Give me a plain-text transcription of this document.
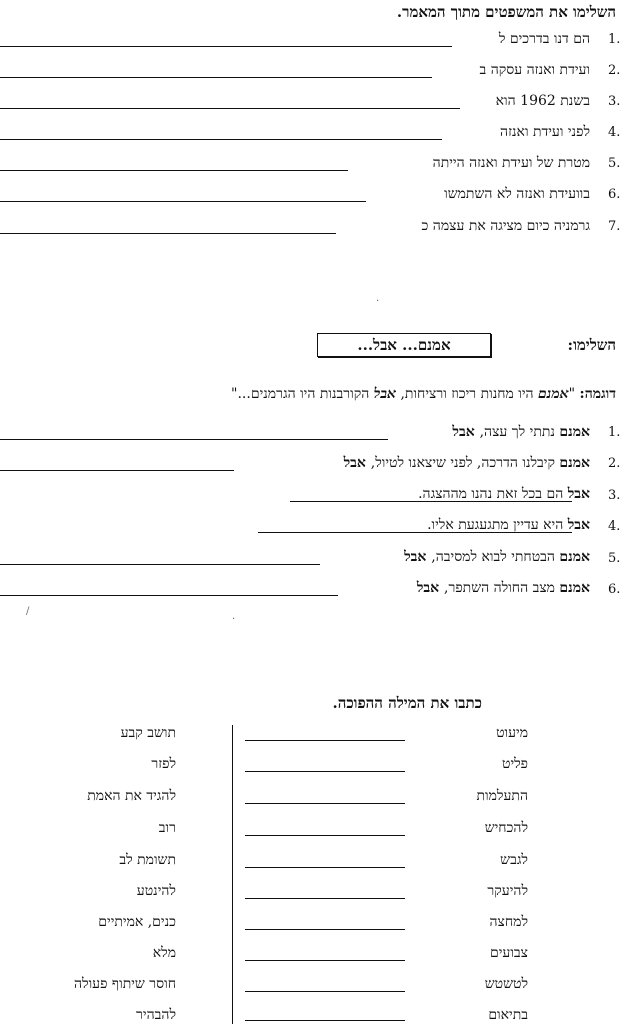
השלימו את המשפטים מתוך המאמר.
1.
הם דנו בדרכים ל
2.
ועידת ואנזה עסקה ב
3.
בשנת 1962 הוא
4.
לפני ועידת ואנזה
5.
מטרת של ועידת ואנזה הייתה
6.
בוועידת ואנזה לא השתמשו
7.
גרמניה כיום מציגה את עצמה כ
·
השלימו:
אמנם... אבל...
דוגמה: "אמנם היו מחנות ריכוז ורציחות, אבל הקורבנות היו הגרמנים..."
1.
אמנם נתתי לך עצה, אבל
2.
אמנם קיבלנו הדרכה, לפני שיצאנו לטיול, אבל
3.
אבל הם בכל זאת נהנו מההצגה.
4.
אבל היא עדיין מתגעגעת אליו.
5.
אמנם הבטחתי לבוא למסיבה, אבל
6.
אמנם מצב החולה השתפר, אבל
/
·
כתבו את המילה ההפוכה.
מיעוט
פליט
התעלמות
להכחיש
לגבש
להיעקר
למחצה
צבועים
לטשטש
בתיאום
תושב קבע
לפזר
להגיד את האמת
רוב
תשומת לב
להינטע
כנים, אמיתיים
מלא
חוסר שיתוף פעולה
להבהיר
